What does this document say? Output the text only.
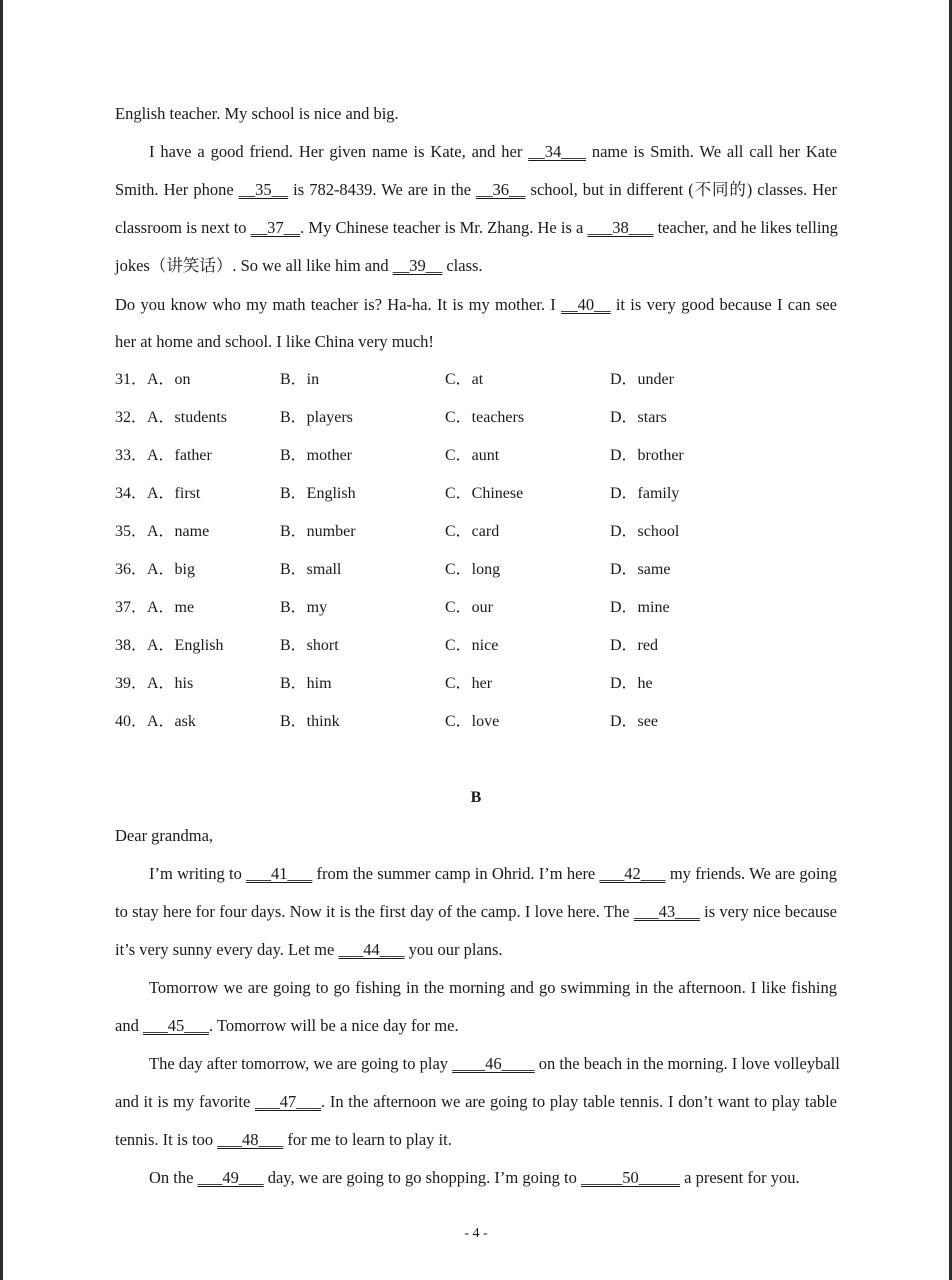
English teacher. My school is nice and big.
I have a good friend. Her given name is Kate, and her __34___ name is Smith. We all call her Kate
Smith. Her phone __35__ is 782-8439. We are in the __36__ school, but in different (不同的) classes. Her
classroom is next to __37__. My Chinese teacher is Mr. Zhang. He is a ___38___ teacher, and he likes telling
jokes（讲笑话）. So we all like him and __39__ class.
Do you know who my math teacher is? Ha-ha. It is my mother. I __40__ it is very good because I can see
her at home and school. I like China very much!
31．A．on	B．in	C．at	D．under
32．A．students	B．players	C．teachers	D．stars
33．A．father	B．mother	C．aunt	D．brother
34．A．first	B．English	C．Chinese	D．family
35．A．name	B．number	C．card	D．school
36．A．big	B．small	C．long	D．same
37．A．me	B．my	C．our	D．mine
38．A．English	B．short	C．nice	D．red
39．A．his	B．him	C．her	D．he
40．A．ask	B．think	C．love	D．see
B
Dear grandma,
I’m writing to ___41___ from the summer camp in Ohrid. I’m here ___42___ my friends. We are going
to stay here for four days. Now it is the first day of the camp. I love here. The ___43___ is very nice because
it’s very sunny every day. Let me ___44___ you our plans.
Tomorrow we are going to go fishing in the morning and go swimming in the afternoon. I like fishing
and ___45___. Tomorrow will be a nice day for me.
The day after tomorrow, we are going to play ____46____ on the beach in the morning. I love volleyball
and it is my favorite ___47___. In the afternoon we are going to play table tennis. I don’t want to play table
tennis. It is too ___48___ for me to learn to play it.
On the ___49___ day, we are going to go shopping. I’m going to _____50_____ a present for you.
- 4 -
